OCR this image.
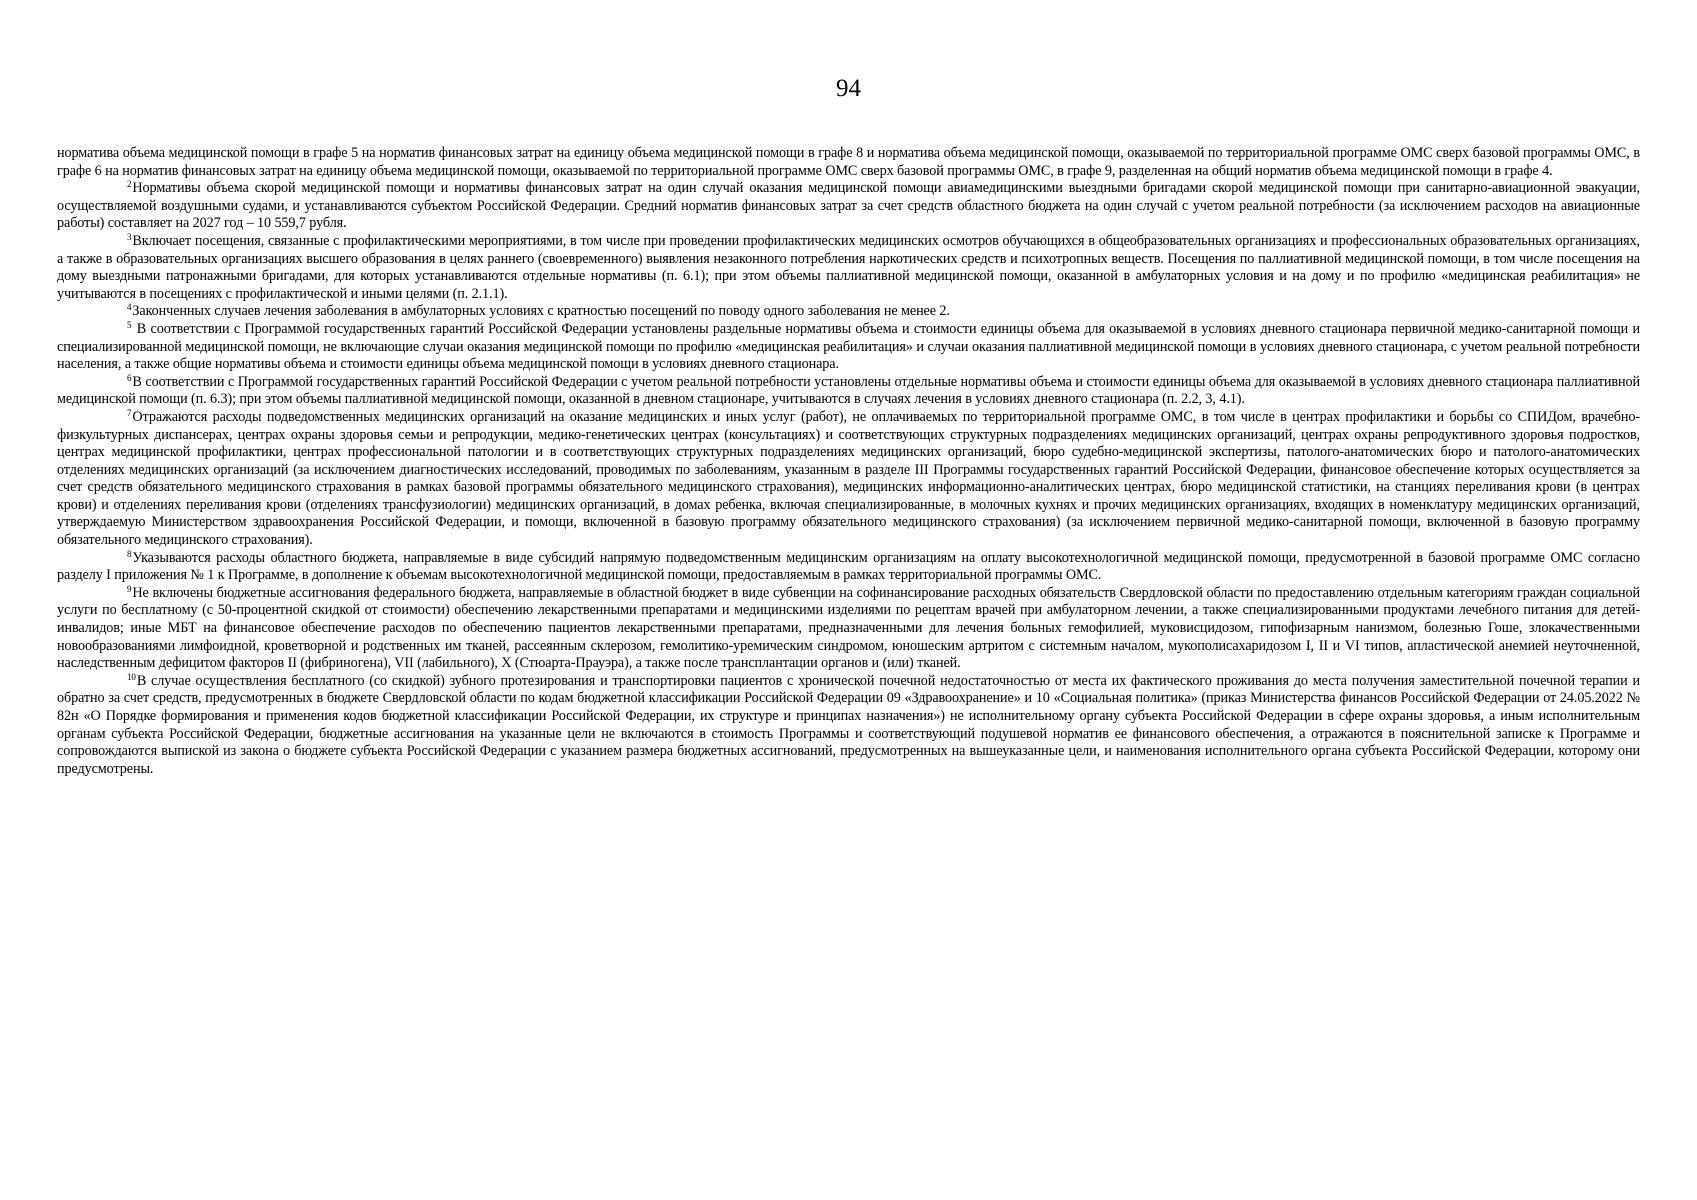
94

норматива объема медицинской помощи в графе 5 на норматив финансовых затрат на единицу объема медицинской помощи в графе 8 и норматива объема медицинской помощи, оказываемой по территориальной программе ОМС сверх базовой программы ОМС, в графе 6 на норматив финансовых затрат на единицу объема медицинской помощи, оказываемой по территориальной программе ОМС сверх базовой программы ОМС, в графе 9, разделенная на общий норматив объема медицинской помощи в графе 4.

$^2$Нормативы объема скорой медицинской помощи и нормативы финансовых затрат на один случай оказания медицинской помощи авиамедицинскими выездными бригадами скорой медицинской помощи при санитарно-авиационной эвакуации, осуществляемой воздушными судами, и устанавливаются субъектом Российской Федерации. Средний норматив финансовых затрат за счет средств областного бюджета на один случай с учетом реальной потребности (за исключением расходов на авиационные работы) составляет на 2027 год – 10 559,7 рубля.

$^3$Включает посещения, связанные с профилактическими мероприятиями, в том числе при проведении профилактических медицинских осмотров обучающихся в общеобразовательных организациях и профессиональных образовательных организациях, а также в образовательных организациях высшего образования в целях раннего (своевременного) выявления незаконного потребления наркотических средств и психотропных веществ. Посещения по паллиативной медицинской помощи, в том числе посещения на дому выездными патронажными бригадами, для которых устанавливаются отдельные нормативы (п. 6.1); при этом объемы паллиативной медицинской помощи, оказанной в амбулаторных условия и на дому и по профилю «медицинская реабилитация» не учитываются в посещениях с профилактической и иными целями (п. 2.1.1).

$^4$Законченных случаев лечения заболевания в амбулаторных условиях с кратностью посещений по поводу одного заболевания не менее 2.

$^5$ В соответствии с Программой государственных гарантий Российской Федерации установлены раздельные нормативы объема и стоимости единицы объема для оказываемой в условиях дневного стационара первичной медико-санитарной помощи и специализированной медицинской помощи, не включающие случаи оказания медицинской помощи по профилю «медицинская реабилитация» и случаи оказания паллиативной медицинской помощи в условиях дневного стационара, с учетом реальной потребности населения, а также общие нормативы объема и стоимости единицы объема медицинской помощи в условиях дневного стационара.

$^6$В соответствии с Программой государственных гарантий Российской Федерации с учетом реальной потребности установлены отдельные нормативы объема и стоимости единицы объема для оказываемой в условиях дневного стационара паллиативной медицинской помощи (п. 6.3); при этом объемы паллиативной медицинской помощи, оказанной в дневном стационаре, учитываются в случаях лечения в условиях дневного стационара (п. 2.2, 3, 4.1).

$^7$Отражаются расходы подведомственных медицинских организаций на оказание медицинских и иных услуг (работ), не оплачиваемых по территориальной программе ОМС, в том числе в центрах профилактики и борьбы со СПИДом, врачебно-физкультурных диспансерах, центрах охраны здоровья семьи и репродукции, медико-генетических центрах (консультациях) и соответствующих структурных подразделениях медицинских организаций, центрах охраны репродуктивного здоровья подростков, центрах медицинской профилактики, центрах профессиональной патологии и в соответствующих структурных подразделениях медицинских организаций, бюро судебно-медицинской экспертизы, патолого-анатомических бюро и патолого-анатомических отделениях медицинских организаций (за исключением диагностических исследований, проводимых по заболеваниям, указанным в разделе III Программы государственных гарантий Российской Федерации, финансовое обеспечение которых осуществляется за счет средств обязательного медицинского страхования в рамках базовой программы обязательного медицинского страхования), медицинских информационно-аналитических центрах, бюро медицинской статистики, на станциях переливания крови (в центрах крови) и отделениях переливания крови (отделениях трансфузиологии) медицинских организаций, в домах ребенка, включая специализированные, в молочных кухнях и прочих медицинских организациях, входящих в номенклатуру медицинских организаций, утверждаемую Министерством здравоохранения Российской Федерации, и помощи, включенной в базовую программу обязательного медицинского страхования) (за исключением первичной медико-санитарной помощи, включенной в базовую программу обязательного медицинского страхования).

$^8$Указываются расходы областного бюджета, направляемые в виде субсидий напрямую подведомственным медицинским организациям на оплату высокотехнологичной медицинской помощи, предусмотренной в базовой программе ОМС согласно разделу I приложения № 1 к Программе, в дополнение к объемам высокотехнологичной медицинской помощи, предоставляемым в рамках территориальной программы ОМС.

$^9$Не включены бюджетные ассигнования федерального бюджета, направляемые в областной бюджет в виде субвенции на софинансирование расходных обязательств Свердловской области по предоставлению отдельным категориям граждан социальной услуги по бесплатному (с 50-процентной скидкой от стоимости) обеспечению лекарственными препаратами и медицинскими изделиями по рецептам врачей при амбулаторном лечении, а также специализированными продуктами лечебного питания для детей-инвалидов; иные МБТ на финансовое обеспечение расходов по обеспечению пациентов лекарственными препаратами, предназначенными для лечения больных гемофилией, муковисцидозом, гипофизарным нанизмом, болезнью Гоше, злокачественными новообразованиями лимфоидной, кроветворной и родственных им тканей, рассеянным склерозом, гемолитико-уремическим синдромом, юношеским артритом с системным началом, мукополисахаридозом I, II и VI типов, апластической анемией неуточненной, наследственным дефицитом факторов II (фибриногена), VII (лабильного), X (Стюарта-Прауэра), а также после трансплантации органов и (или) тканей.

$^{10}$В случае осуществления бесплатного (со скидкой) зубного протезирования и транспортировки пациентов с хронической почечной недостаточностью от места их фактического проживания до места получения заместительной почечной терапии и обратно за счет средств, предусмотренных в бюджете Свердловской области по кодам бюджетной классификации Российской Федерации 09 «Здравоохранение» и 10 «Социальная политика» (приказ Министерства финансов Российской Федерации от 24.05.2022 № 82н «О Порядке формирования и применения кодов бюджетной классификации Российской Федерации, их структуре и принципах назначения») не исполнительному органу субъекта Российской Федерации в сфере охраны здоровья, а иным исполнительным органам субъекта Российской Федерации, бюджетные ассигнования на указанные цели не включаются в стоимость Программы и соответствующий подушевой норматив ее финансового обеспечения, а отражаются в пояснительной записке к Программе и сопровождаются выпиской из закона о бюджете субъекта Российской Федерации с указанием размера бюджетных ассигнований, предусмотренных на вышеуказанные цели, и наименования исполнительного органа субъекта Российской Федерации, которому они предусмотрены.
